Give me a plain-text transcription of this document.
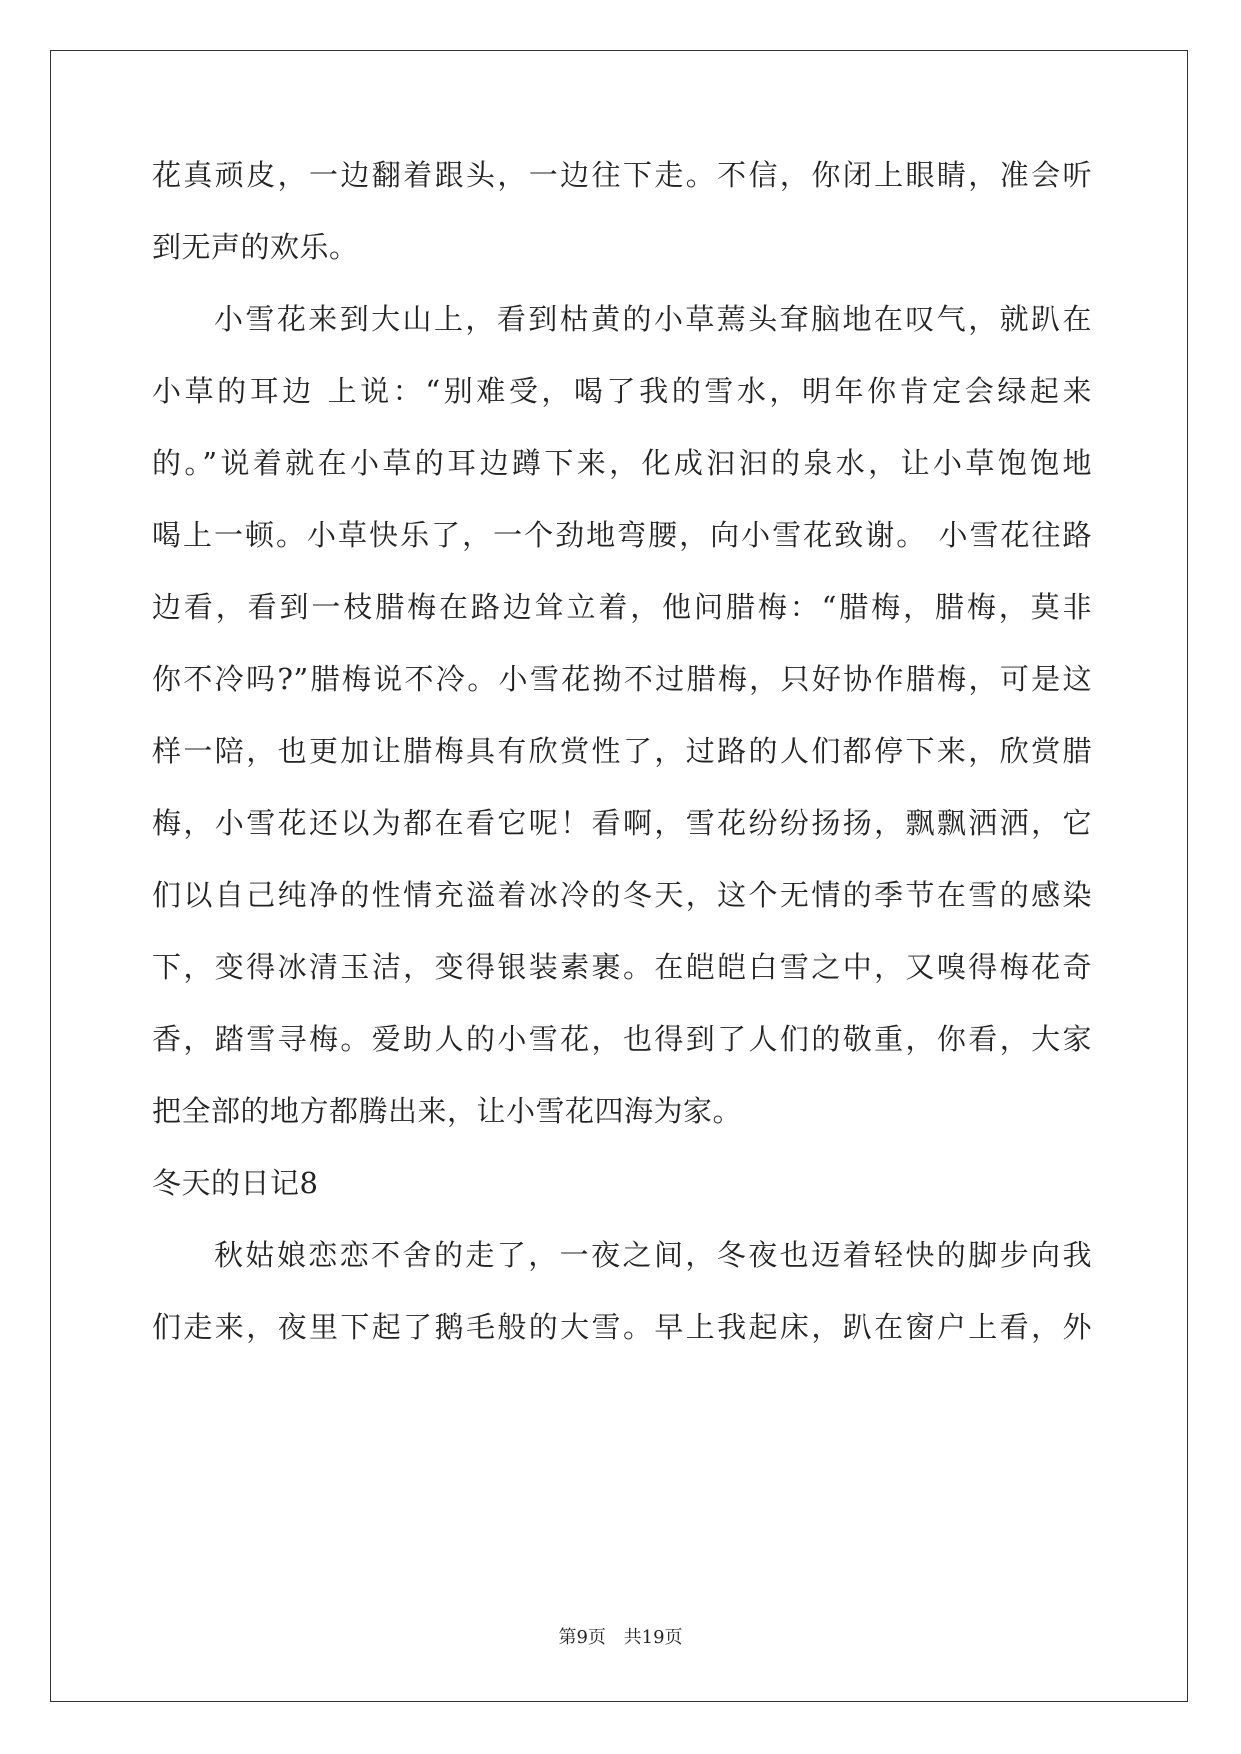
花真顽皮，一边翻着跟头，一边往下走。不信，你闭上眼睛，准会听
到无声的欢乐。
小雪花来到大山上，看到枯黄的小草蔫头耷脑地在叹气，就趴在
小草的耳边 上说：“别难受，喝了我的雪水，明年你肯定会绿起来
的。”说着就在小草的耳边蹲下来，化成汩汩的泉水，让小草饱饱地
喝上一顿。小草快乐了，一个劲地弯腰，向小雪花致谢。 小雪花往路
边看，看到一枝腊梅在路边耸立着，他问腊梅：“腊梅，腊梅，莫非
你不冷吗?”腊梅说不冷。小雪花拗不过腊梅，只好协作腊梅，可是这
样一陪，也更加让腊梅具有欣赏性了，过路的人们都停下来，欣赏腊
梅，小雪花还以为都在看它呢！看啊，雪花纷纷扬扬，飘飘洒洒，它
们以自己纯净的性情充溢着冰冷的冬天，这个无情的季节在雪的感染
下，变得冰清玉洁，变得银装素裹。在皑皑白雪之中，又嗅得梅花奇
香，踏雪寻梅。爱助人的小雪花，也得到了人们的敬重，你看，大家
把全部的地方都腾出来，让小雪花四海为家。
冬天的日记8
秋姑娘恋恋不舍的走了，一夜之间，冬夜也迈着轻快的脚步向我
们走来，夜里下起了鹅毛般的大雪。早上我起床，趴在窗户上看，外
第9页 共19页
